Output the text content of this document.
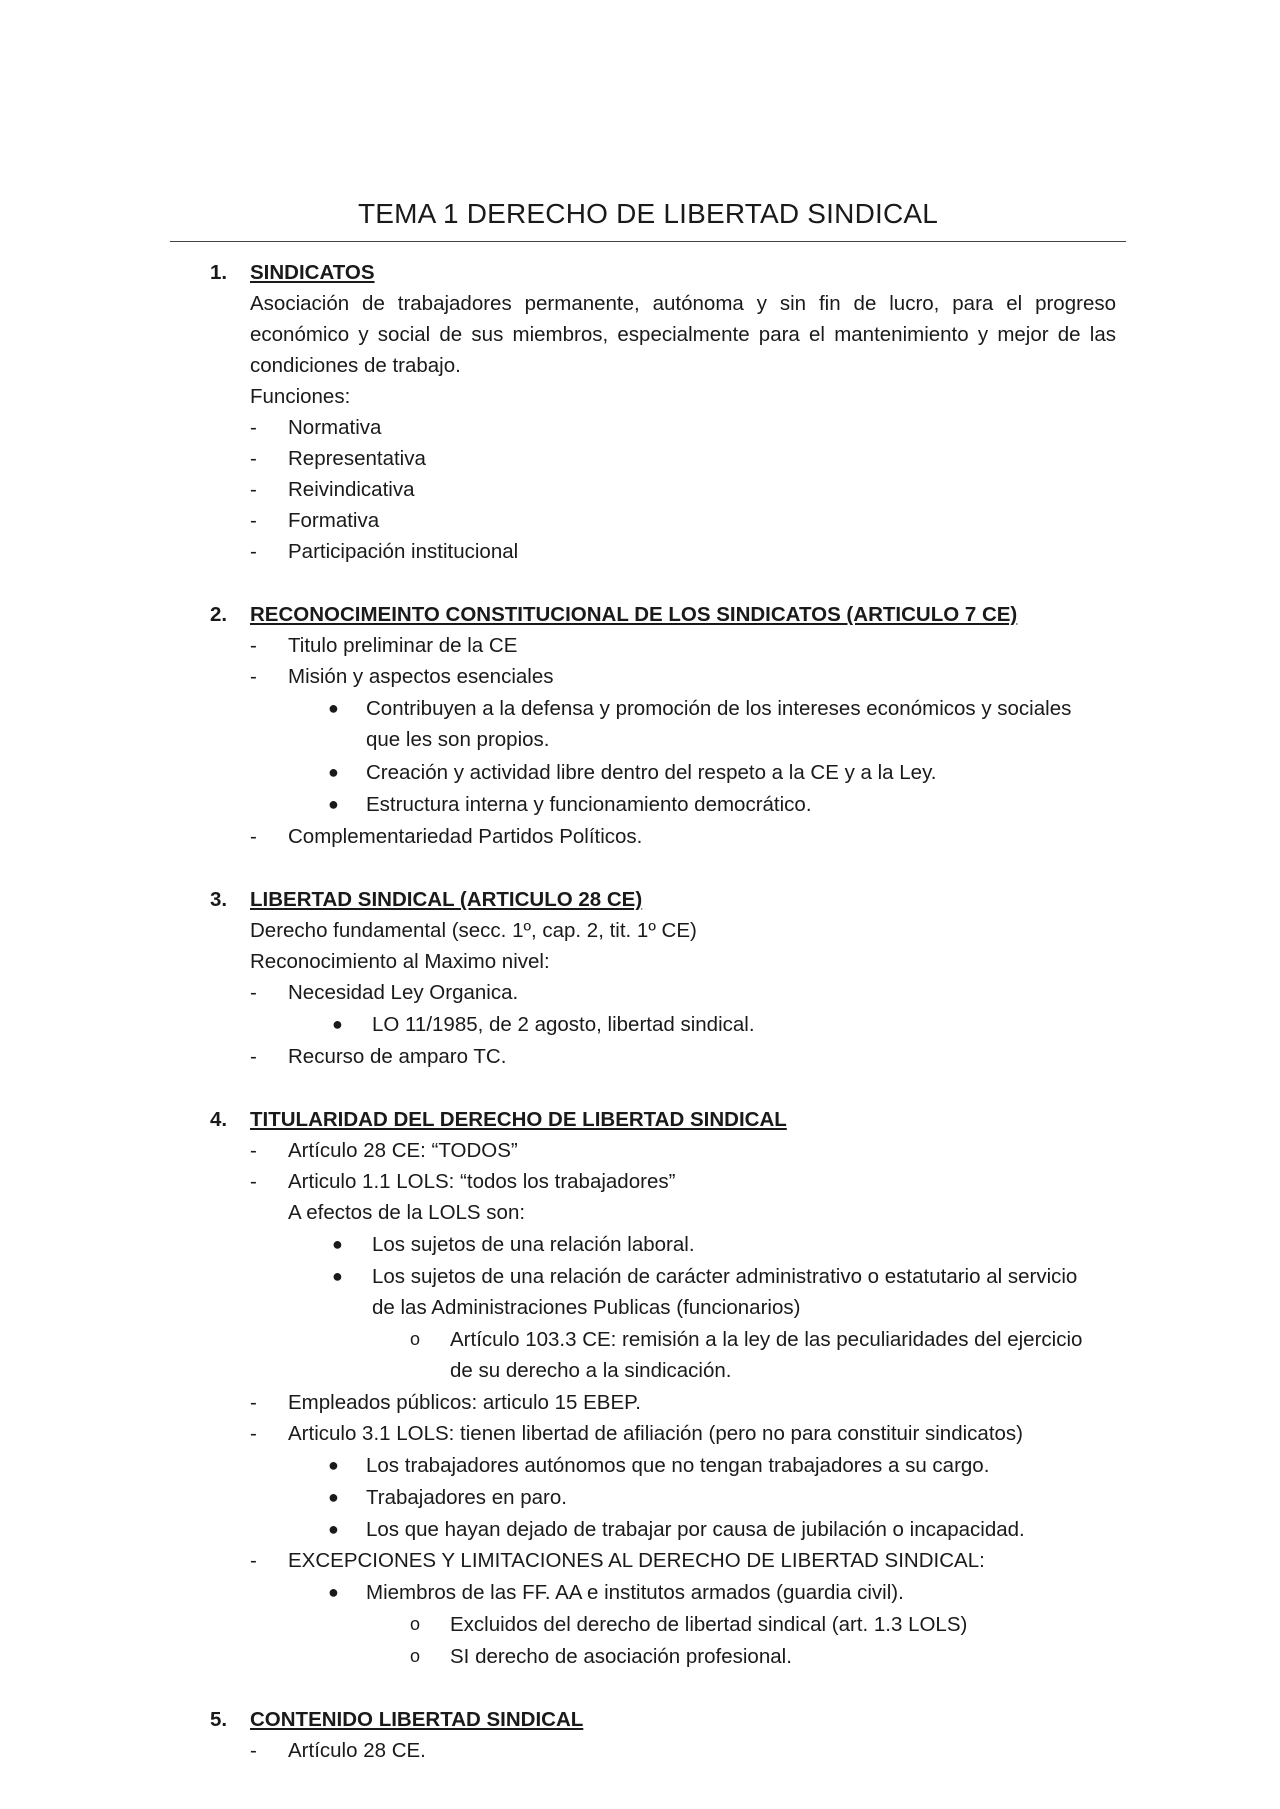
TEMA 1 DERECHO DE LIBERTAD SINDICAL
1. SINDICATOS
Asociación de trabajadores permanente, autónoma y sin fin de lucro, para el progreso
económico y social de sus miembros, especialmente para el mantenimiento y mejor de las
condiciones de trabajo.
Funciones:
- Normativa
- Representativa
- Reivindicativa
- Formativa
- Participación institucional
2. RECONOCIMEINTO CONSTITUCIONAL DE LOS SINDICATOS (ARTICULO 7 CE)
- Titulo preliminar de la CE
- Misión y aspectos esenciales
● Contribuyen a la defensa y promoción de los intereses económicos y sociales
que les son propios.
● Creación y actividad libre dentro del respeto a la CE y a la Ley.
● Estructura interna y funcionamiento democrático.
- Complementariedad Partidos Políticos.
3. LIBERTAD SINDICAL (ARTICULO 28 CE)
Derecho fundamental (secc. 1º, cap. 2, tit. 1º CE)
Reconocimiento al Maximo nivel:
- Necesidad Ley Organica.
● LO 11/1985, de 2 agosto, libertad sindical.
- Recurso de amparo TC.
4. TITULARIDAD DEL DERECHO DE LIBERTAD SINDICAL
- Artículo 28 CE: “TODOS”
- Articulo 1.1 LOLS: “todos los trabajadores”
A efectos de la LOLS son:
● Los sujetos de una relación laboral.
● Los sujetos de una relación de carácter administrativo o estatutario al servicio
de las Administraciones Publicas (funcionarios)
o Artículo 103.3 CE: remisión a la ley de las peculiaridades del ejercicio
de su derecho a la sindicación.
- Empleados públicos: articulo 15 EBEP.
- Articulo 3.1 LOLS: tienen libertad de afiliación (pero no para constituir sindicatos)
● Los trabajadores autónomos que no tengan trabajadores a su cargo.
● Trabajadores en paro.
● Los que hayan dejado de trabajar por causa de jubilación o incapacidad.
- EXCEPCIONES Y LIMITACIONES AL DERECHO DE LIBERTAD SINDICAL:
● Miembros de las FF. AA e institutos armados (guardia civil).
o Excluidos del derecho de libertad sindical (art. 1.3 LOLS)
o SI derecho de asociación profesional.
5. CONTENIDO LIBERTAD SINDICAL
- Artículo 28 CE.
